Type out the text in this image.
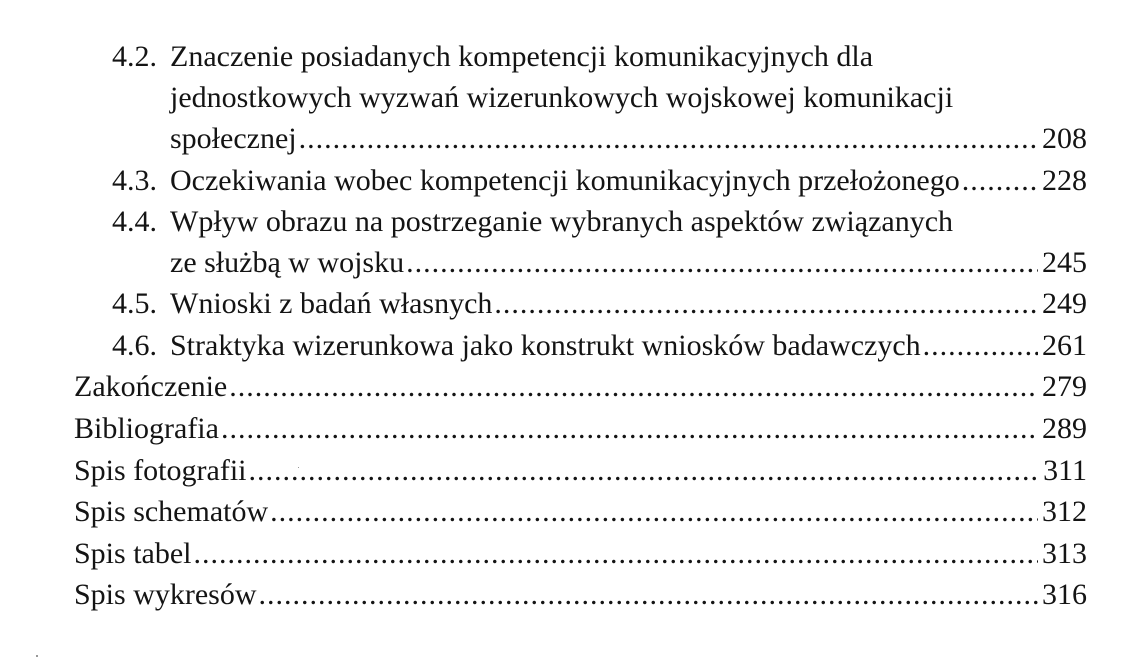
4.2. Znaczenie posiadanych kompetencji komunikacyjnych dla
jednostkowych wyzwań wizerunkowych wojskowej komunikacji
społecznej .....	208
4.3. Oczekiwania wobec kompetencji komunikacyjnych przełożonego .....	228
4.4. Wpływ obrazu na postrzeganie wybranych aspektów związanych
ze służbą w wojsku .....	245
4.5. Wnioski z badań własnych .....	249
4.6. Straktyka wizerunkowa jako konstrukt wniosków badawczych .....	261
Zakończenie .....	279
Bibliografia .....	289
Spis fotografii .....	311
Spis schematów .....	312
Spis tabel .....	313
Spis wykresów .....	316
